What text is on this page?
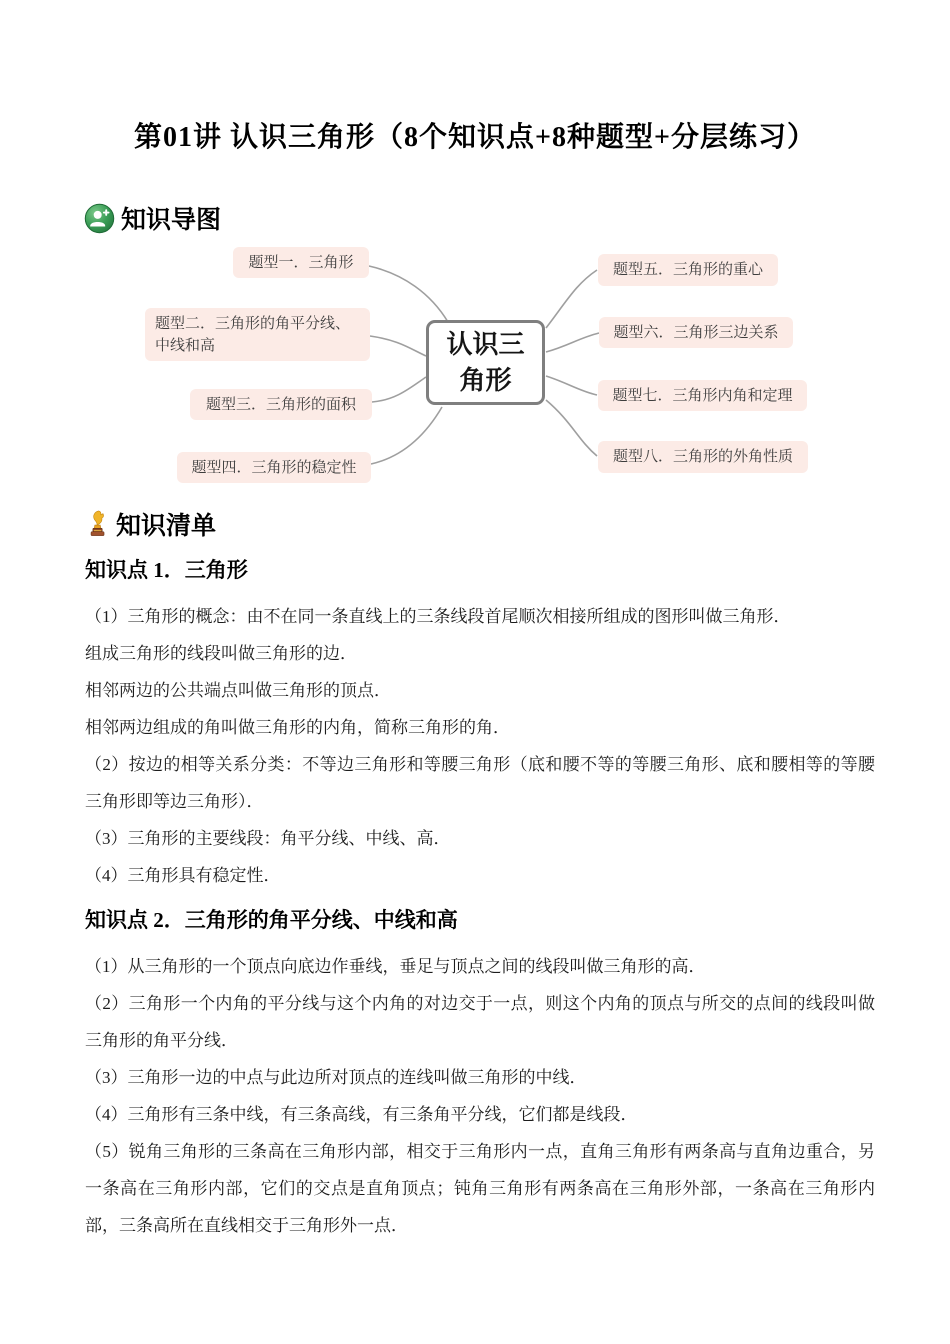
第01讲 认识三角形（8个知识点+8种题型+分层练习）
知识导图
题型一．三角形
题型二．三角形的角平分线、中线和高
题型三．三角形的面积
题型四．三角形的稳定性
认识三角形
题型五．三角形的重心
题型六．三角形三边关系
题型七．三角形内角和定理
题型八．三角形的外角性质
知识清单
知识点 1．三角形

（1）三角形的概念：由不在同一条直线上的三条线段首尾顺次相接所组成的图形叫做三角形．

组成三角形的线段叫做三角形的边．

相邻两边的公共端点叫做三角形的顶点．

相邻两边组成的角叫做三角形的内角，简称三角形的角．

（2）按边的相等关系分类：不等边三角形和等腰三角形（底和腰不等的等腰三角形、底和腰相等的等腰三角形即等边三角形）．

（3）三角形的主要线段：角平分线、中线、高．

（4）三角形具有稳定性．

知识点 2．三角形的角平分线、中线和高

（1）从三角形的一个顶点向底边作垂线，垂足与顶点之间的线段叫做三角形的高．

（2）三角形一个内角的平分线与这个内角的对边交于一点，则这个内角的顶点与所交的点间的线段叫做三角形的角平分线．

（3）三角形一边的中点与此边所对顶点的连线叫做三角形的中线．

（4）三角形有三条中线，有三条高线，有三条角平分线，它们都是线段．

（5）锐角三角形的三条高在三角形内部，相交于三角形内一点，直角三角形有两条高与直角边重合，另一条高在三角形内部，它们的交点是直角顶点；钝角三角形有两条高在三角形外部，一条高在三角形内部，三条高所在直线相交于三角形外一点．
